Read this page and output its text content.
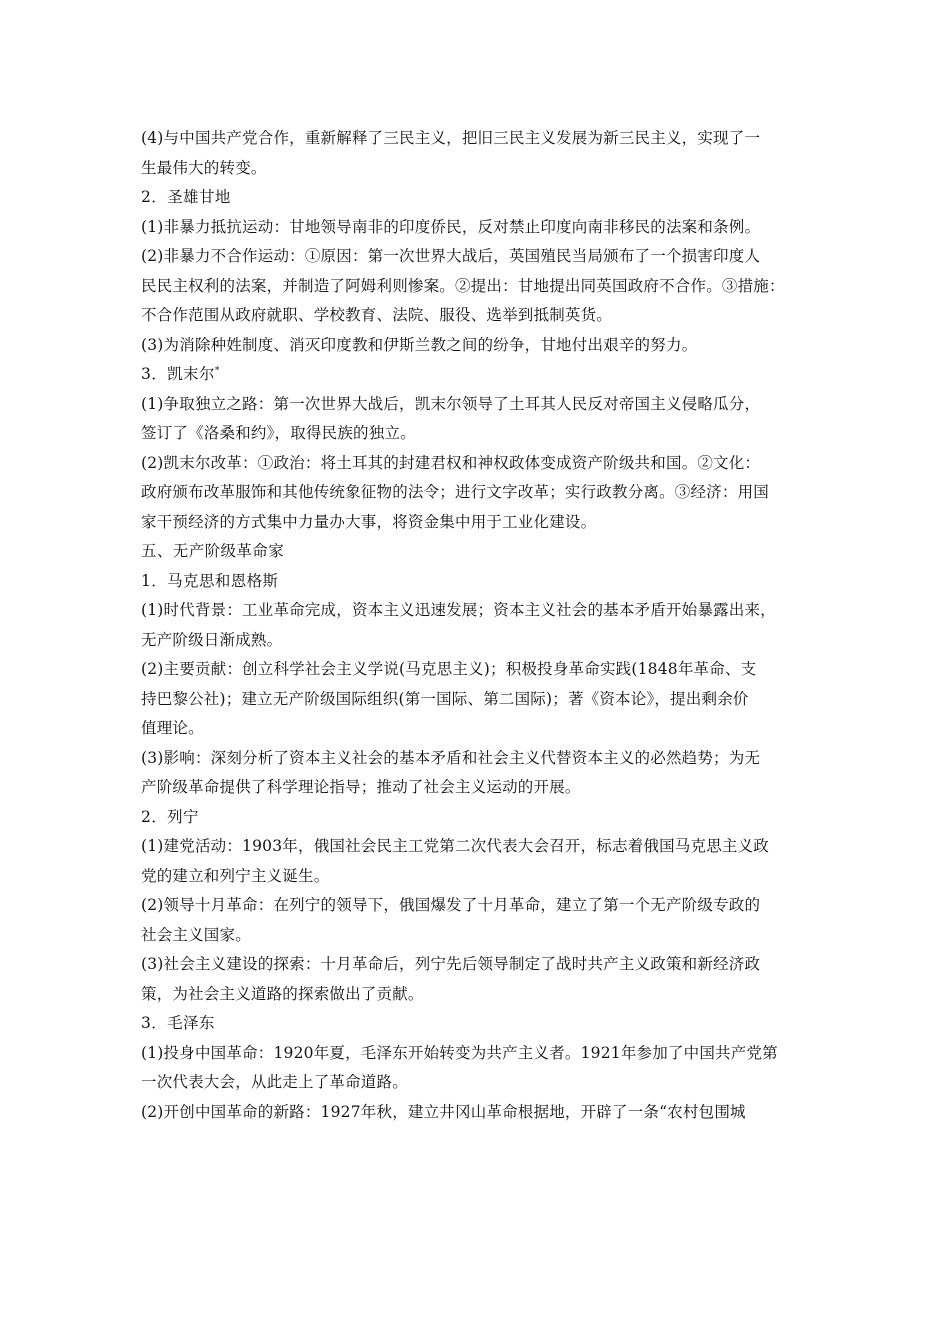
(4)与中国共产党合作，重新解释了三民主义，把旧三民主义发展为新三民主义，实现了一
生最伟大的转变。
2．圣雄甘地
(1)非暴力抵抗运动：甘地领导南非的印度侨民，反对禁止印度向南非移民的法案和条例。
(2)非暴力不合作运动：①原因：第一次世界大战后，英国殖民当局颁布了一个损害印度人
民民主权利的法案，并制造了阿姆利则惨案。②提出：甘地提出同英国政府不合作。③措施：
不合作范围从政府就职、学校教育、法院、服役、选举到抵制英货。
(3)为消除种姓制度、消灭印度教和伊斯兰教之间的纷争，甘地付出艰辛的努力。
3．凯末尔*
(1)争取独立之路：第一次世界大战后，凯末尔领导了土耳其人民反对帝国主义侵略瓜分，
签订了《洛桑和约》，取得民族的独立。
(2)凯末尔改革：①政治：将土耳其的封建君权和神权政体变成资产阶级共和国。②文化：
政府颁布改革服饰和其他传统象征物的法令；进行文字改革；实行政教分离。③经济：用国
家干预经济的方式集中力量办大事，将资金集中用于工业化建设。
五、无产阶级革命家
1．马克思和恩格斯
(1)时代背景：工业革命完成，资本主义迅速发展；资本主义社会的基本矛盾开始暴露出来，
无产阶级日渐成熟。
(2)主要贡献：创立科学社会主义学说(马克思主义)；积极投身革命实践(1848年革命、支
持巴黎公社)；建立无产阶级国际组织(第一国际、第二国际)；著《资本论》，提出剩余价
值理论。
(3)影响：深刻分析了资本主义社会的基本矛盾和社会主义代替资本主义的必然趋势；为无
产阶级革命提供了科学理论指导；推动了社会主义运动的开展。
2．列宁
(1)建党活动：1903年，俄国社会民主工党第二次代表大会召开，标志着俄国马克思主义政
党的建立和列宁主义诞生。
(2)领导十月革命：在列宁的领导下，俄国爆发了十月革命，建立了第一个无产阶级专政的
社会主义国家。
(3)社会主义建设的探索：十月革命后，列宁先后领导制定了战时共产主义政策和新经济政
策，为社会主义道路的探索做出了贡献。
3．毛泽东
(1)投身中国革命：1920年夏，毛泽东开始转变为共产主义者。1921年参加了中国共产党第
一次代表大会，从此走上了革命道路。
(2)开创中国革命的新路：1927年秋，建立井冈山革命根据地，开辟了一条“农村包围城
